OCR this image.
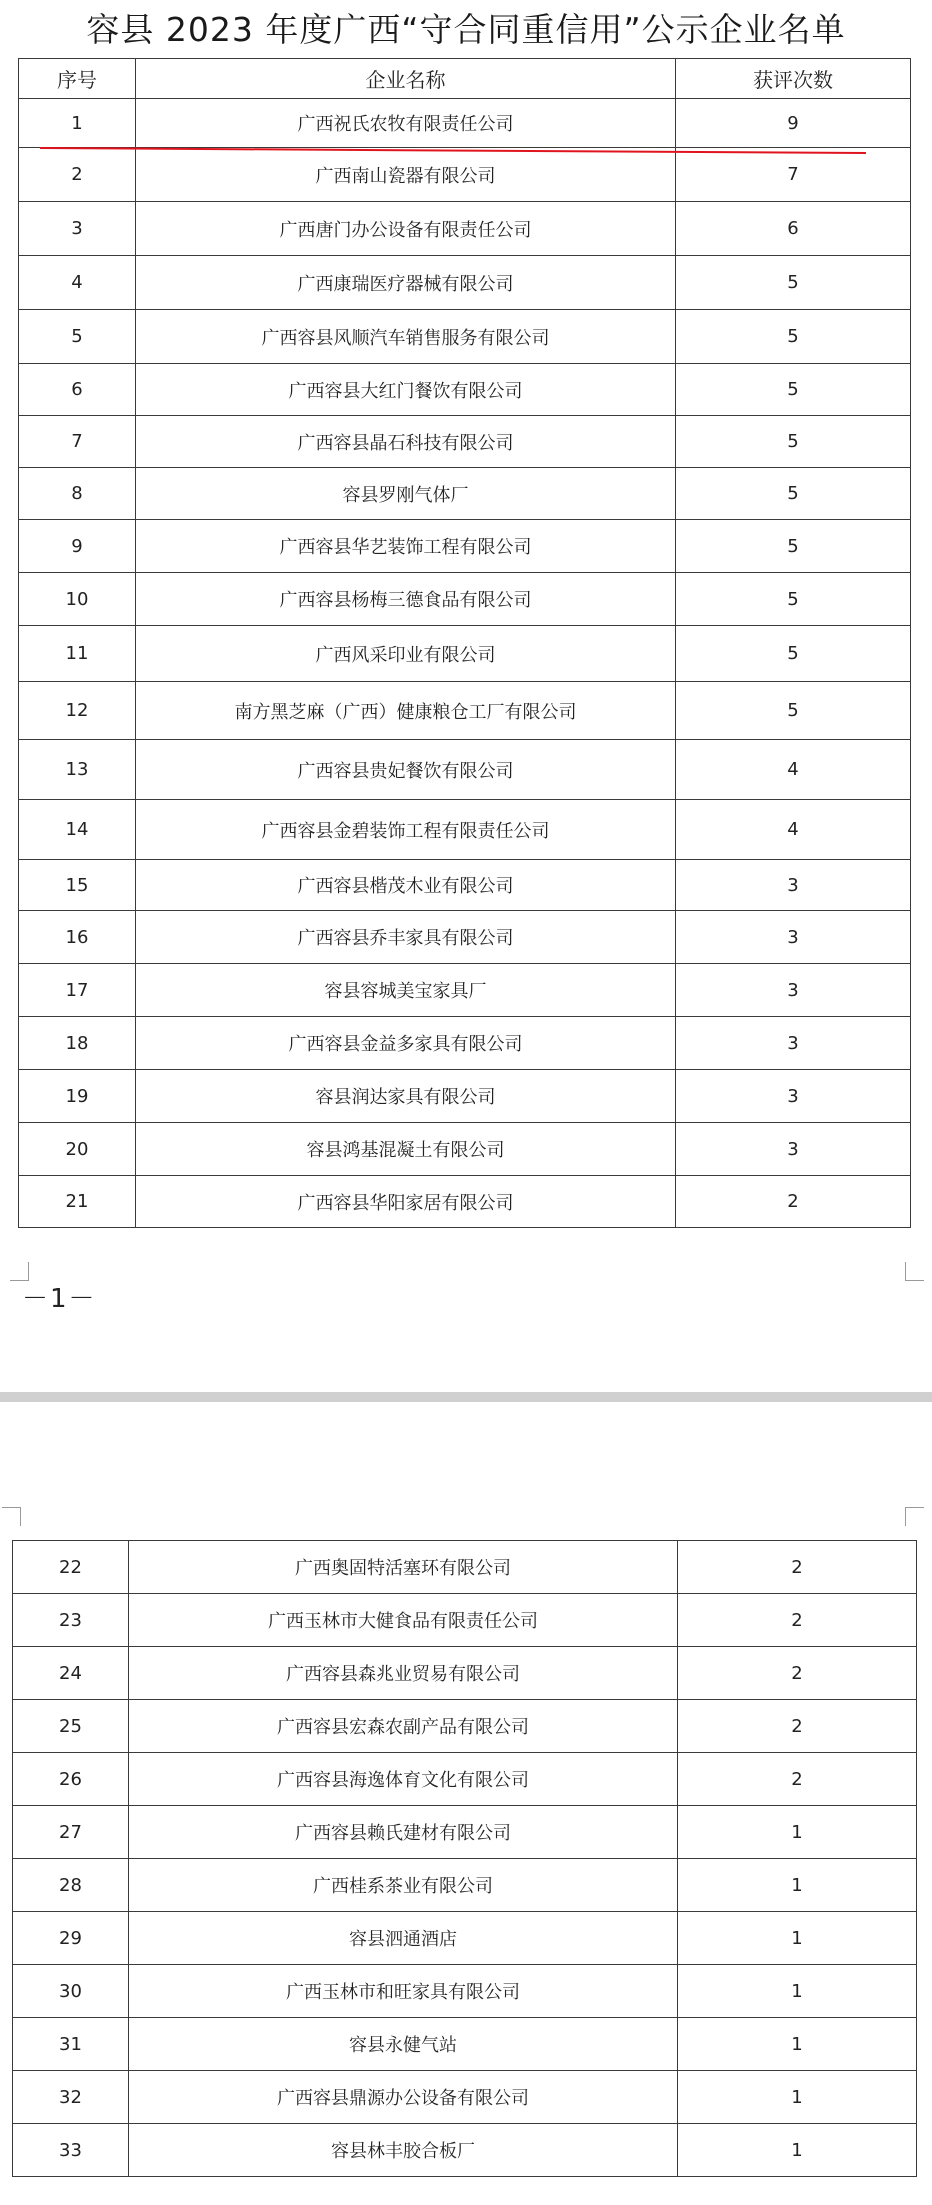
容县 2023 年度广西“守合同重信用”公示企业名单
序号	企业名称	获评次数
1	广西祝氏农牧有限责任公司	9
2	广西南山瓷器有限公司	7
3	广西唐门办公设备有限责任公司	6
4	广西康瑞医疗器械有限公司	5
5	广西容县风顺汽车销售服务有限公司	5
6	广西容县大红门餐饮有限公司	5
7	广西容县晶石科技有限公司	5
8	容县罗刚气体厂	5
9	广西容县华艺装饰工程有限公司	5
10	广西容县杨梅三德食品有限公司	5
11	广西风采印业有限公司	5
12	南方黑芝麻（广西）健康粮仓工厂有限公司	5
13	广西容县贵妃餐饮有限公司	4
14	广西容县金碧装饰工程有限责任公司	4
15	广西容县楷茂木业有限公司	3
16	广西容县乔丰家具有限公司	3
17	容县容城美宝家具厂	3
18	广西容县金益多家具有限公司	3
19	容县润达家具有限公司	3
20	容县鸿基混凝土有限公司	3
21	广西容县华阳家居有限公司	2
－1－
22	广西奥固特活塞环有限公司	2
23	广西玉林市大健食品有限责任公司	2
24	广西容县森兆业贸易有限公司	2
25	广西容县宏森农副产品有限公司	2
26	广西容县海逸体育文化有限公司	2
27	广西容县赖氏建材有限公司	1
28	广西桂系茶业有限公司	1
29	容县泗通酒店	1
30	广西玉林市和旺家具有限公司	1
31	容县永健气站	1
32	广西容县鼎源办公设备有限公司	1
33	容县林丰胶合板厂	1
